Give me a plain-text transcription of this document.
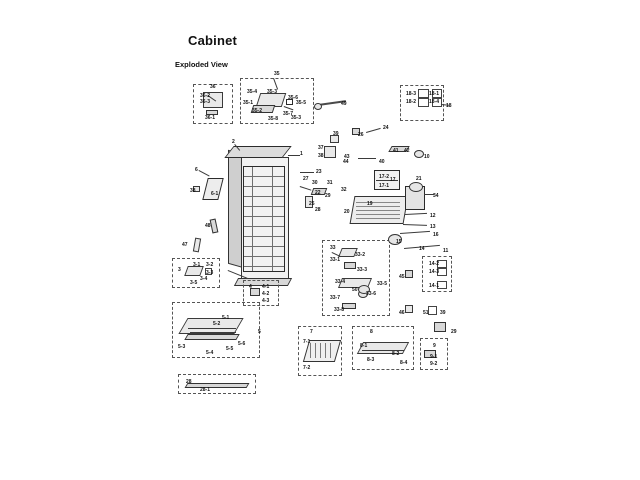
Cabinet
Exploded View
35
35-4 35-3
35-6
35-5
35-1
35-2
35-8
35-7
35-3
36
36-2
36-3
36-1
49
18-3	18-1
18-2	18-4
18
24
26
39
40
43
44
37
38
1	41 42
10
2
6	23
17-2
17-1
21
34
30 31
32
27
22 29
12
13
16
11
14
19
20
28
25
38	6-1
48
47
3
3-1 3-2
3-3
3-4
3-5
4 4-1
4-2
4-3
5
5-1
5-2
5-3
5-4
5-5
5-6
28
28-1
33
33-1
33-2
33-3
33-4	33-5
33-6
33-7
33-8
45
46
50
14-2
14-3
14-1
51 39
29
7
7-1
7-2
8
8-1
8-3
8-2
8-4
9
9-1
9-2
15
17
